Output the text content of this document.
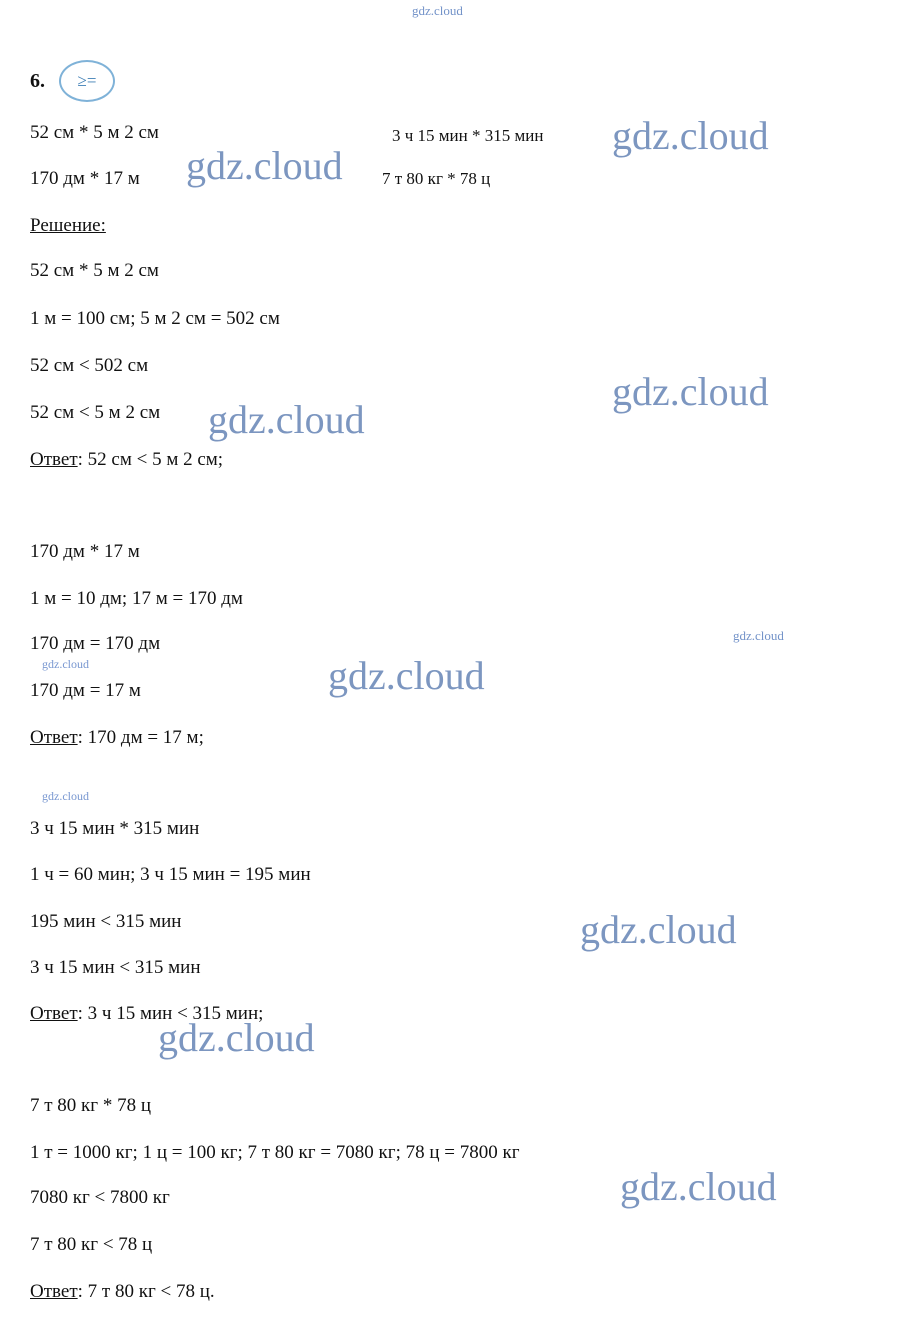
gdz.cloud
gdz.cloud
gdz.cloud
gdz.cloud
gdz.cloud
gdz.cloud
gdz.cloud
gdz.cloud
gdz.cloud
gdz.cloud
gdz.cloud
gdz.cloud
6.	≥=
52 см * 5 м 2 см	3 ч 15 мин * 315 мин
170 дм * 17 м	7 т 80 кг * 78 ц
Решение:
52 см * 5 м 2 см
1 м = 100 см; 5 м 2 см = 502 см
52 см < 502 см
52 см < 5 м 2 см
Ответ: 52 см < 5 м 2 см;
170 дм * 17 м
1 м = 10 дм; 17 м = 170 дм
170 дм = 170 дм
170 дм = 17 м
Ответ: 170 дм = 17 м;
3 ч 15 мин * 315 мин
1 ч = 60 мин; 3 ч 15 мин = 195 мин
195 мин < 315 мин
3 ч 15 мин < 315 мин
Ответ: 3 ч 15 мин < 315 мин;
7 т 80 кг * 78 ц
1 т = 1000 кг; 1 ц = 100 кг; 7 т 80 кг = 7080 кг; 78 ц = 7800 кг
7080 кг < 7800 кг
7 т 80 кг < 78 ц
Ответ: 7 т 80 кг < 78 ц.
